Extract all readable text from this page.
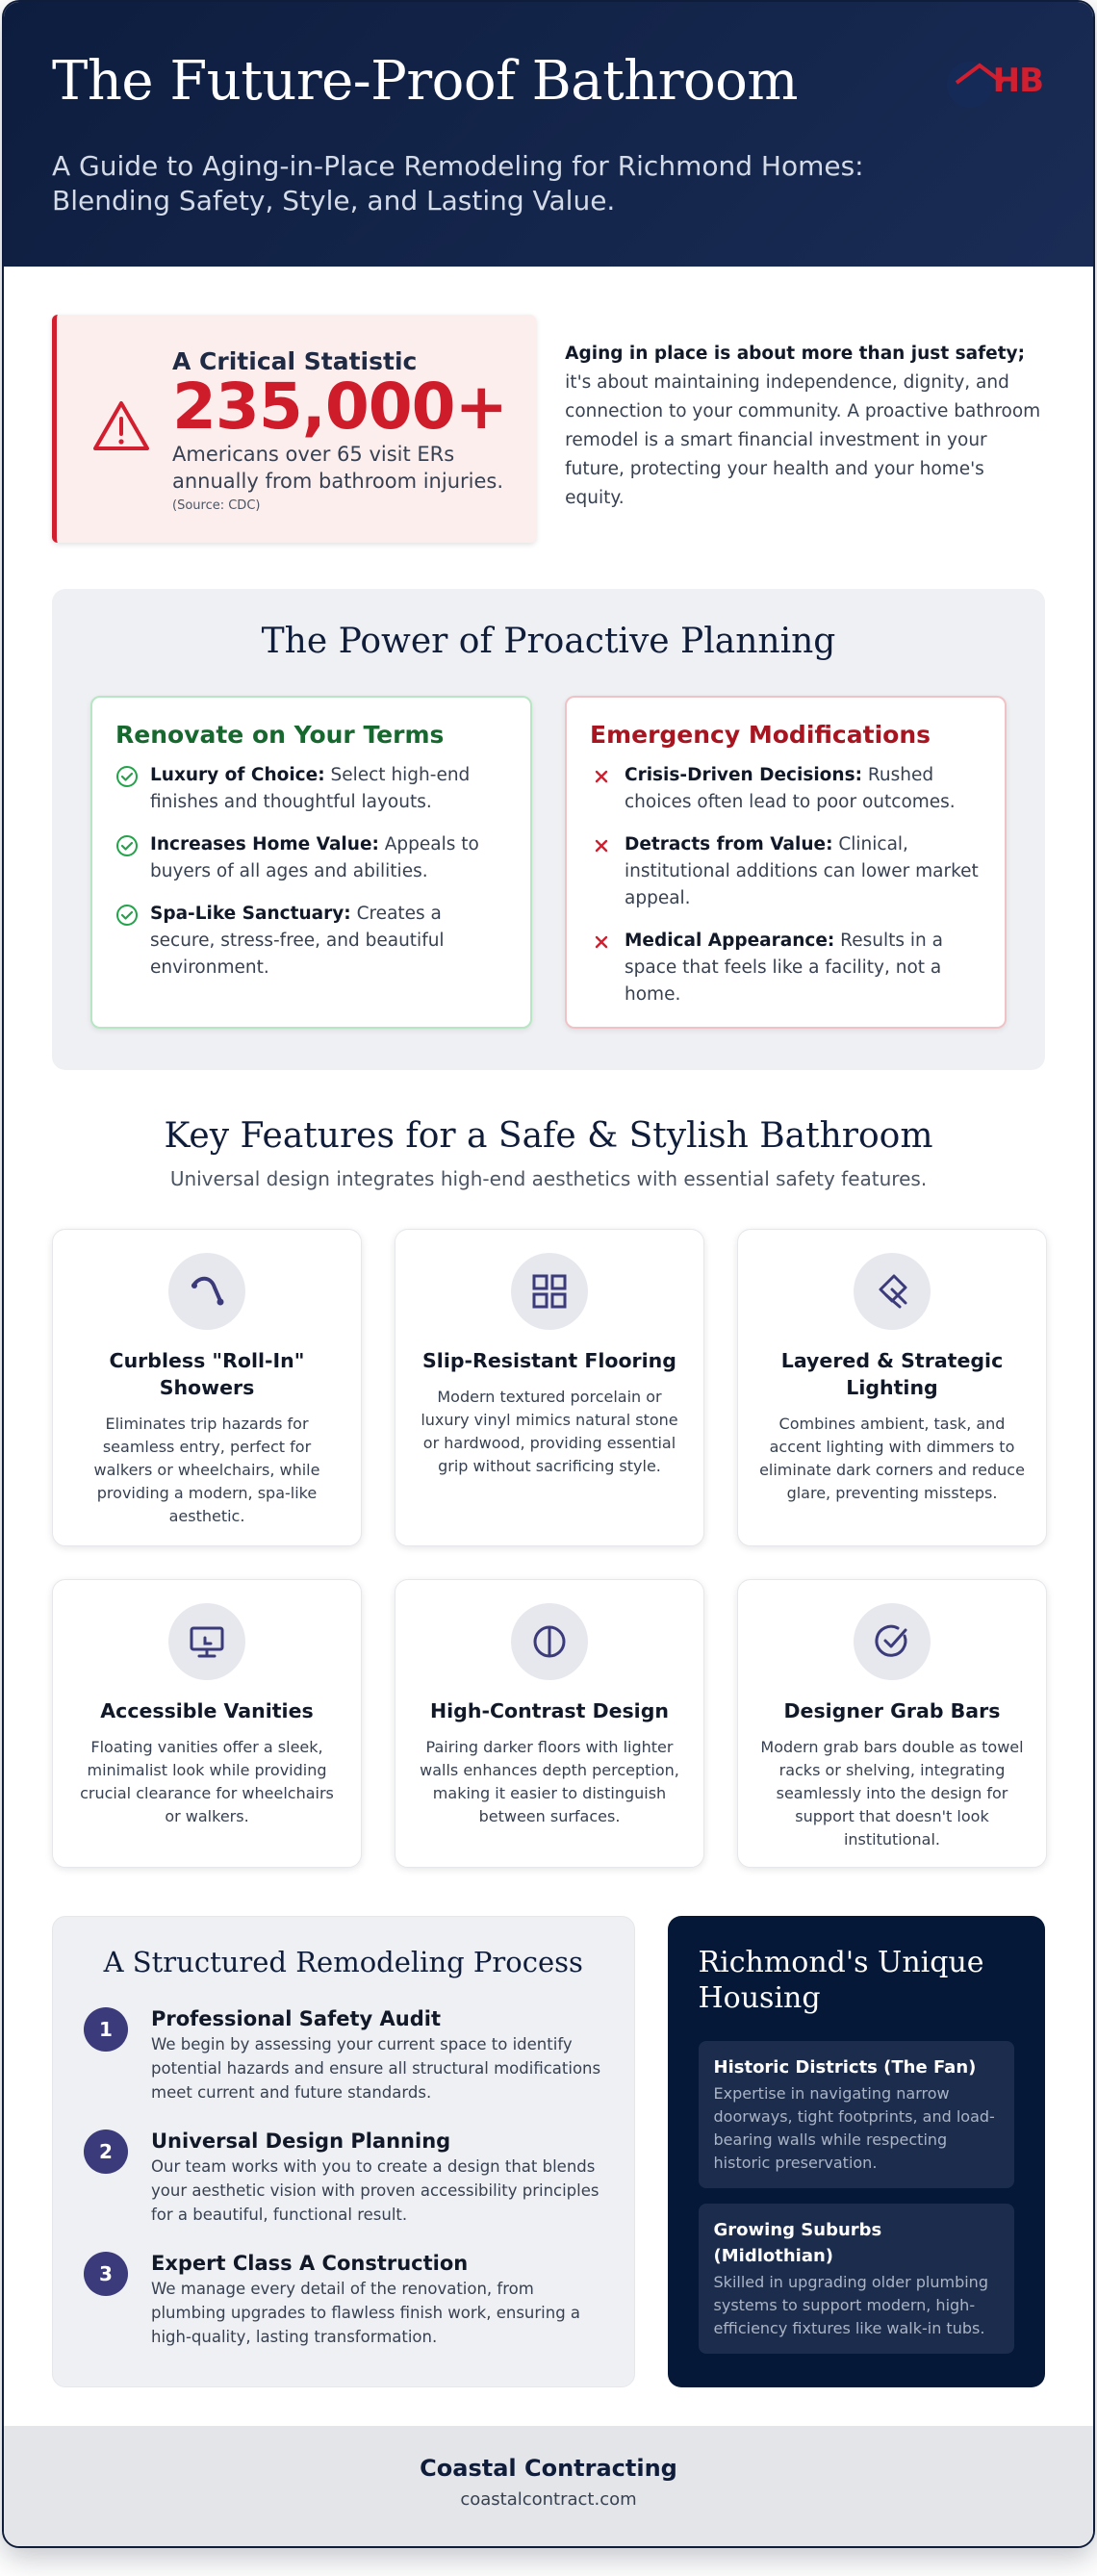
The Future-Proof Bathroom

A Guide to Aging-in-Place Remodeling for Richmond Homes: Blending Safety, Style, and Lasting Value.

HB
A Critical Statistic
235,000+
Americans over 65 visit ERs annually from bathroom injuries.
(Source: CDC)

Aging in place is about more than just safety; it's about maintaining independence, dignity, and connection to your community. A proactive bathroom remodel is a smart financial investment in your future, protecting your health and your home's equity.

The Power of Proactive Planning
Renovate on Your Terms
Luxury of Choice: Select high-end finishes and thoughtful layouts.
Increases Home Value: Appeals to buyers of all ages and abilities.
Spa-Like Sanctuary: Creates a secure, stress-free, and beautiful environment.
Emergency Modifications
Crisis-Driven Decisions: Rushed choices often lead to poor outcomes.
Detracts from Value: Clinical, institutional additions can lower market appeal.
Medical Appearance: Results in a space that feels like a facility, not a home.
Key Features for a Safe & Stylish Bathroom

Universal design integrates high-end aesthetics with essential safety features.

Curbless "Roll-In" Showers
Eliminates trip hazards for seamless entry, perfect for walkers or wheelchairs, while providing a modern, spa-like aesthetic.
Slip-Resistant Flooring
Modern textured porcelain or luxury vinyl mimics natural stone or hardwood, providing essential grip without sacrificing style.
Layered & Strategic Lighting
Combines ambient, task, and accent lighting with dimmers to eliminate dark corners and reduce glare, preventing missteps.
Accessible Vanities
Floating vanities offer a sleek, minimalist look while providing crucial clearance for wheelchairs or walkers.
High-Contrast Design
Pairing darker floors with lighter walls enhances depth perception, making it easier to distinguish between surfaces.
Designer Grab Bars
Modern grab bars double as towel racks or shelving, integrating seamlessly into the design for support that doesn't look institutional.
A Structured Remodeling Process
1	Professional Safety Audit
We begin by assessing your current space to identify potential hazards and ensure all structural modifications meet current and future standards.
2	Universal Design Planning
Our team works with you to create a design that blends your aesthetic vision with proven accessibility principles for a beautiful, functional result.
3	Expert Class A Construction
We manage every detail of the renovation, from plumbing upgrades to flawless finish work, ensuring a high-quality, lasting transformation.
Richmond's Unique Housing
Historic Districts (The Fan)
Expertise in navigating narrow doorways, tight footprints, and load-bearing walls while respecting historic preservation.
Growing Suburbs (Midlothian)
Skilled in upgrading older plumbing systems to support modern, high-efficiency fixtures like walk-in tubs.
Coastal Contracting
coastalcontract.com
